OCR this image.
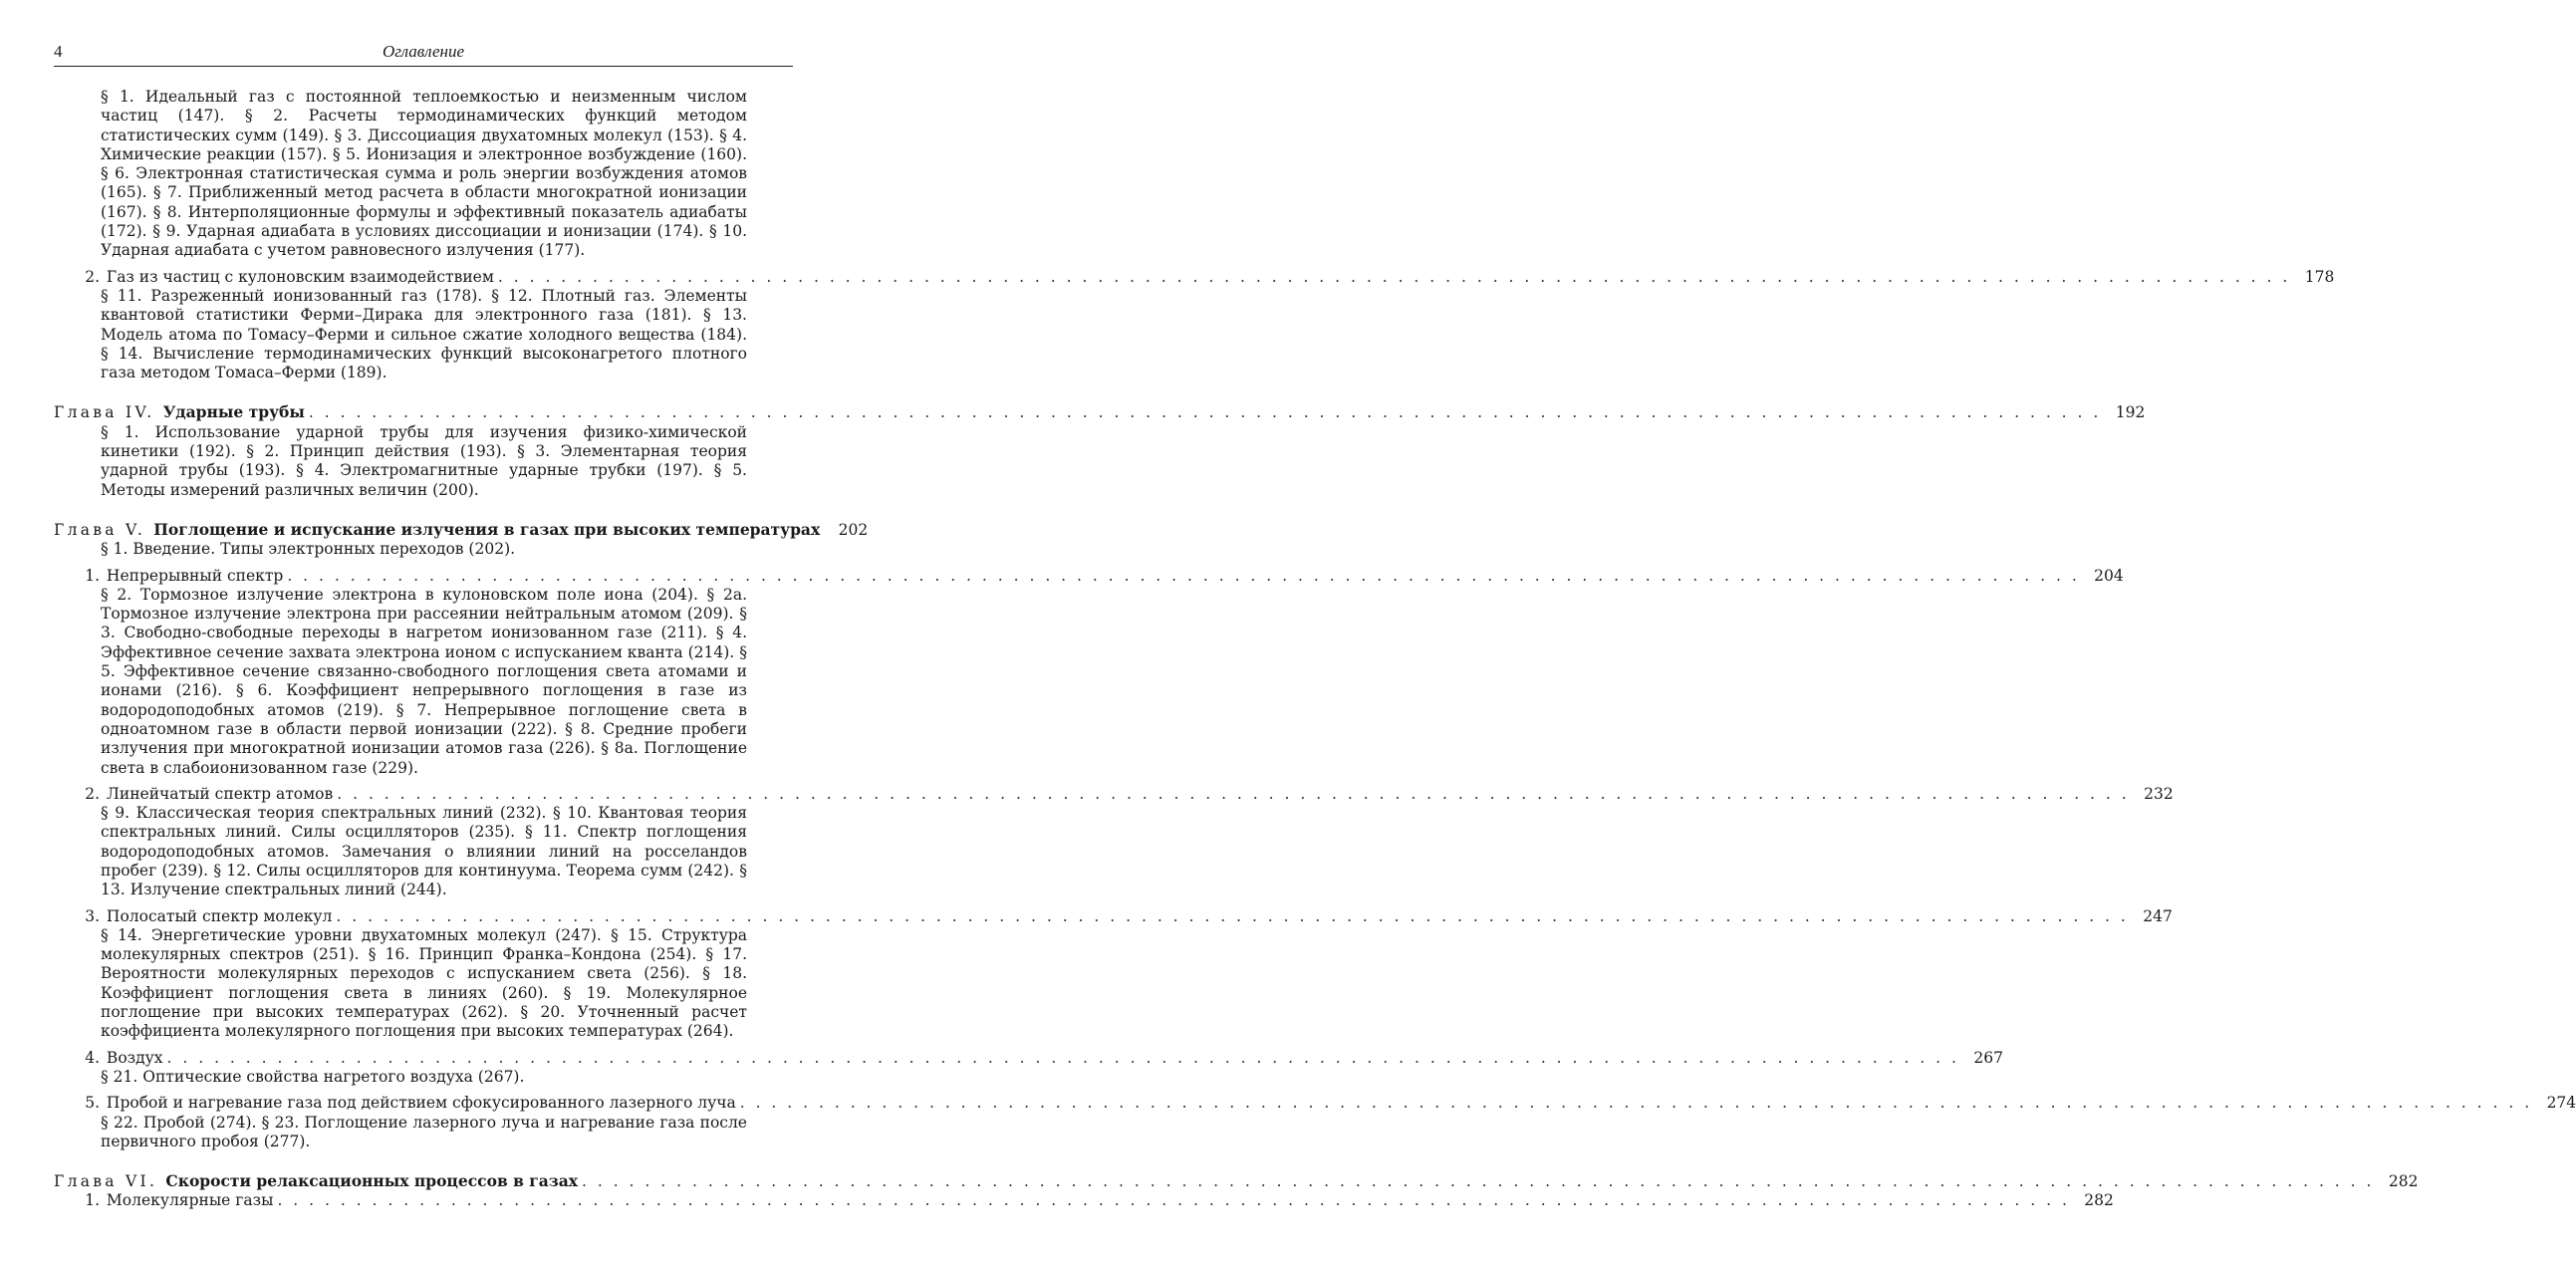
4	Оглавление
§ 1. Идеальный газ с постоянной теплоемкостью и неизменным числом частиц (147). § 2. Расчеты термодинамических функций методом статистических сумм (149). § 3. Диссоциация двухатомных молекул (153). § 4. Химические реакции (157). § 5. Ионизация и электронное возбуждение (160). § 6. Электронная статистическая сумма и роль энергии возбуждения атомов (165). § 7. Приближенный метод расчета в области многократной ионизации (167). § 8. Интерполяционные формулы и эффективный показатель адиабаты (172). § 9. Ударная адиабата в условиях диссоциации и ионизации (174). § 10. Ударная адиабата с учетом равновесного излучения (177).
2. Газ из частиц с кулоновским взаимодействием . . .	178
§ 11. Разреженный ионизованный газ (178). § 12. Плотный газ. Элементы квантовой статистики Ферми–Дирака для электронного газа (181). § 13. Модель атома по Томасу–Ферми и сильное сжатие холодного вещества (184). § 14. Вычисление термодинамических функций высоконагретого плотного газа методом Томаса–Ферми (189).
Глава IV. Ударные трубы . . .	192
§ 1. Использование ударной трубы для изучения физико-химической кинетики (192). § 2. Принцип действия (193). § 3. Элементарная теория ударной трубы (193). § 4. Электромагнитные ударные трубки (197). § 5. Методы измерений различных величин (200).
Глава V. Поглощение и испускание излучения в газах при высоких температурах	202
§ 1. Введение. Типы электронных переходов (202).
1. Непрерывный спектр . . .	204
§ 2. Тормозное излучение электрона в кулоновском поле иона (204). § 2а. Тормозное излучение электрона при рассеянии нейтральным атомом (209). § 3. Свободно-свободные переходы в нагретом ионизованном газе (211). § 4. Эффективное сечение захвата электрона ионом с испусканием кванта (214). § 5. Эффективное сечение связанно-свободного поглощения света атомами и ионами (216). § 6. Коэффициент непрерывного поглощения в газе из водородоподобных атомов (219). § 7. Непрерывное поглощение света в одноатомном газе в области первой ионизации (222). § 8. Средние пробеги излучения при многократной ионизации атомов газа (226). § 8а. Поглощение света в слабоионизованном газе (229).
2. Линейчатый спектр атомов . . .	232
§ 9. Классическая теория спектральных линий (232). § 10. Квантовая теория спектральных линий. Силы осцилляторов (235). § 11. Спектр поглощения водородоподобных атомов. Замечания о влиянии линий на росселандов пробег (239). § 12. Силы осцилляторов для континуума. Теорема сумм (242). § 13. Излучение спектральных линий (244).
3. Полосатый спектр молекул . . .	247
§ 14. Энергетические уровни двухатомных молекул (247). § 15. Структура молекулярных спектров (251). § 16. Принцип Франка–Кондона (254). § 17. Вероятности молекулярных переходов с испусканием света (256). § 18. Коэффициент поглощения света в линиях (260). § 19. Молекулярное поглощение при высоких температурах (262). § 20. Уточненный расчет коэффициента молекулярного поглощения при высоких температурах (264).
4. Воздух . . .	267
§ 21. Оптические свойства нагретого воздуха (267).
5. Пробой и нагревание газа под действием сфокусированного лазерного луча . . .	274
§ 22. Пробой (274). § 23. Поглощение лазерного луча и нагревание газа после первичного пробоя (277).
Глава VI. Скорости релаксационных процессов в газах . . .	282
1. Молекулярные газы . . .	282
